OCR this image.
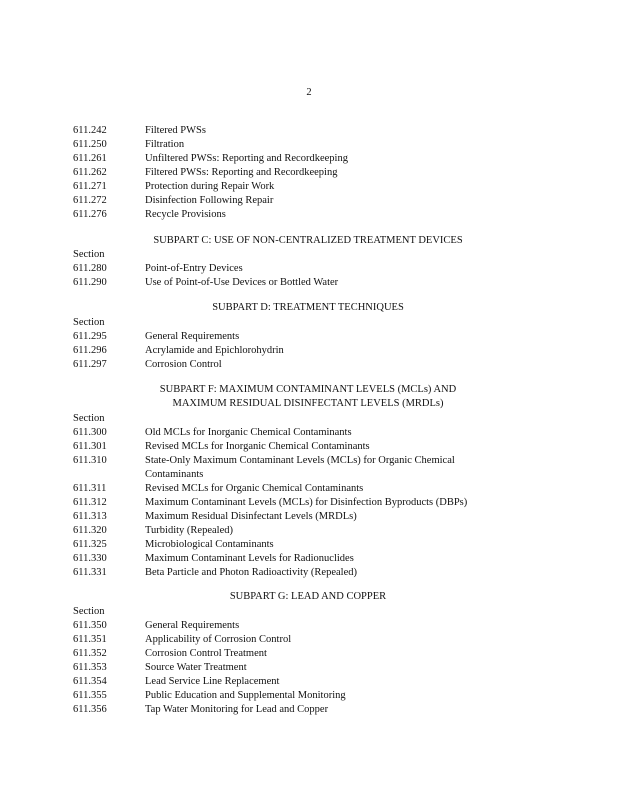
2
611.242	Filtered PWSs
611.250	Filtration
611.261	Unfiltered PWSs: Reporting and Recordkeeping
611.262	Filtered PWSs: Reporting and Recordkeeping
611.271	Protection during Repair Work
611.272	Disinfection Following Repair
611.276	Recycle Provisions
SUBPART C: USE OF NON-CENTRALIZED TREATMENT DEVICES
Section
611.280	Point-of-Entry Devices
611.290	Use of Point-of-Use Devices or Bottled Water
SUBPART D: TREATMENT TECHNIQUES
Section
611.295	General Requirements
611.296	Acrylamide and Epichlorohydrin
611.297	Corrosion Control
SUBPART F: MAXIMUM CONTAMINANT LEVELS (MCLs) AND
MAXIMUM RESIDUAL DISINFECTANT LEVELS (MRDLs)
Section
611.300	Old MCLs for Inorganic Chemical Contaminants
611.301	Revised MCLs for Inorganic Chemical Contaminants
611.310	State-Only Maximum Contaminant Levels (MCLs) for Organic Chemical
Contaminants
611.311	Revised MCLs for Organic Chemical Contaminants
611.312	Maximum Contaminant Levels (MCLs) for Disinfection Byproducts (DBPs)
611.313	Maximum Residual Disinfectant Levels (MRDLs)
611.320	Turbidity (Repealed)
611.325	Microbiological Contaminants
611.330	Maximum Contaminant Levels for Radionuclides
611.331	Beta Particle and Photon Radioactivity (Repealed)
SUBPART G: LEAD AND COPPER
Section
611.350	General Requirements
611.351	Applicability of Corrosion Control
611.352	Corrosion Control Treatment
611.353	Source Water Treatment
611.354	Lead Service Line Replacement
611.355	Public Education and Supplemental Monitoring
611.356	Tap Water Monitoring for Lead and Copper
